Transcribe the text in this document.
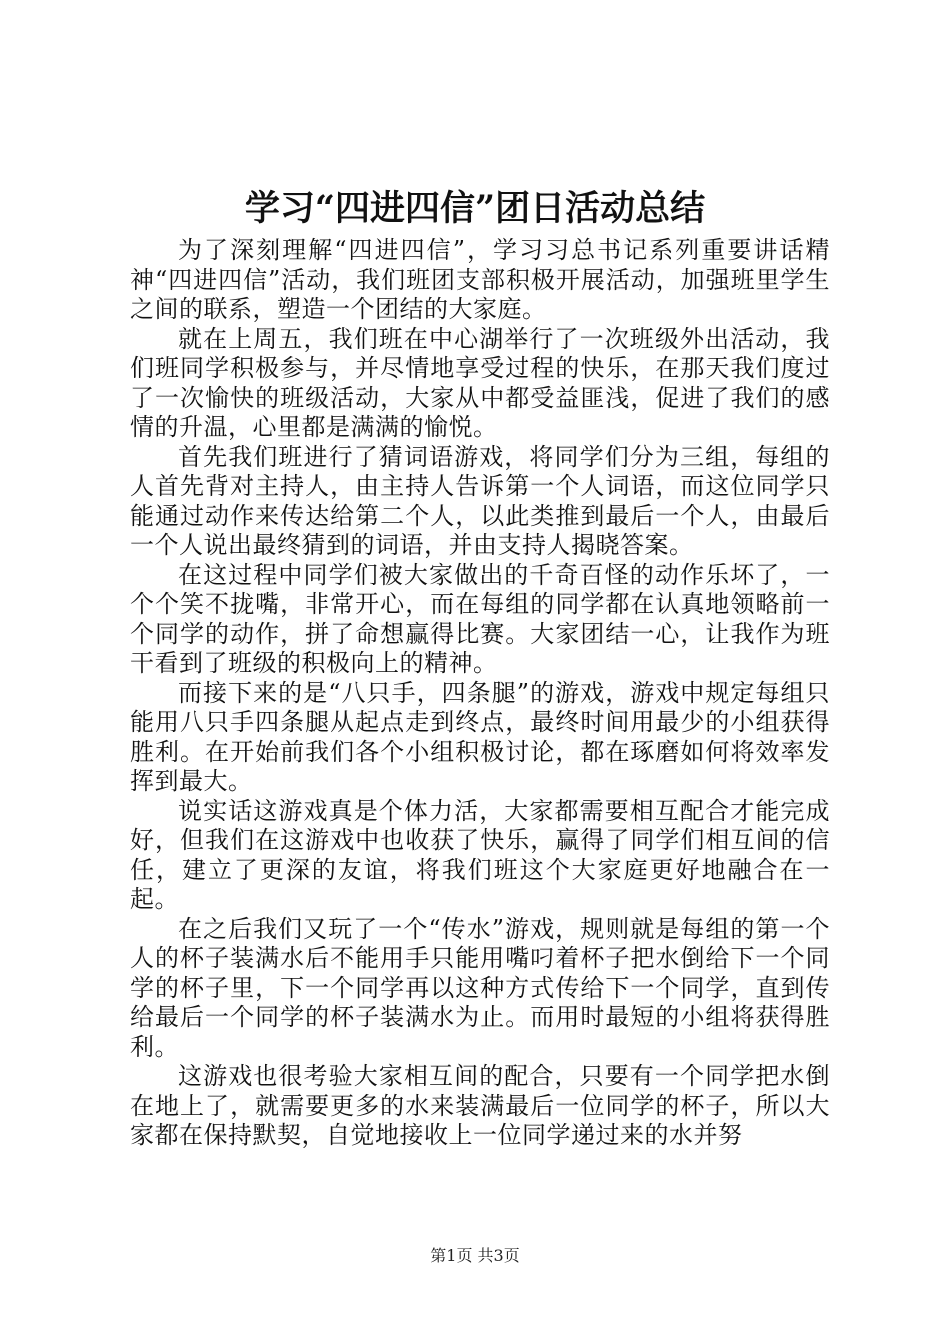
学习“四进四信”团日活动总结

为了深刻理解“四进四信”，学习习总书记系列重要讲话精神“四进四信”活动，我们班团支部积极开展活动，加强班里学生之间的联系，塑造一个团结的大家庭。

就在上周五，我们班在中心湖举行了一次班级外出活动，我们班同学积极参与，并尽情地享受过程的快乐，在那天我们度过了一次愉快的班级活动，大家从中都受益匪浅，促进了我们的感情的升温，心里都是满满的愉悦。

首先我们班进行了猜词语游戏，将同学们分为三组，每组的人首先背对主持人，由主持人告诉第一个人词语，而这位同学只能通过动作来传达给第二个人，以此类推到最后一个人，由最后一个人说出最终猜到的词语，并由支持人揭晓答案。

在这过程中同学们被大家做出的千奇百怪的动作乐坏了，一个个笑不拢嘴，非常开心，而在每组的同学都在认真地领略前一个同学的动作，拼了命想赢得比赛。大家团结一心，让我作为班干看到了班级的积极向上的精神。

而接下来的是“八只手，四条腿”的游戏，游戏中规定每组只能用八只手四条腿从起点走到终点，最终时间用最少的小组获得胜利。在开始前我们各个小组积极讨论，都在琢磨如何将效率发挥到最大。

说实话这游戏真是个体力活，大家都需要相互配合才能完成好，但我们在这游戏中也收获了快乐，赢得了同学们相互间的信任，建立了更深的友谊，将我们班这个大家庭更好地融合在一起。

在之后我们又玩了一个“传水”游戏，规则就是每组的第一个人的杯子装满水后不能用手只能用嘴叼着杯子把水倒给下一个同学的杯子里，下一个同学再以这种方式传给下一个同学，直到传给最后一个同学的杯子装满水为止。而用时最短的小组将获得胜利。

这游戏也很考验大家相互间的配合，只要有一个同学把水倒在地上了，就需要更多的水来装满最后一位同学的杯子，所以大家都在保持默契，自觉地接收上一位同学递过来的水并努

第1页 共3页
